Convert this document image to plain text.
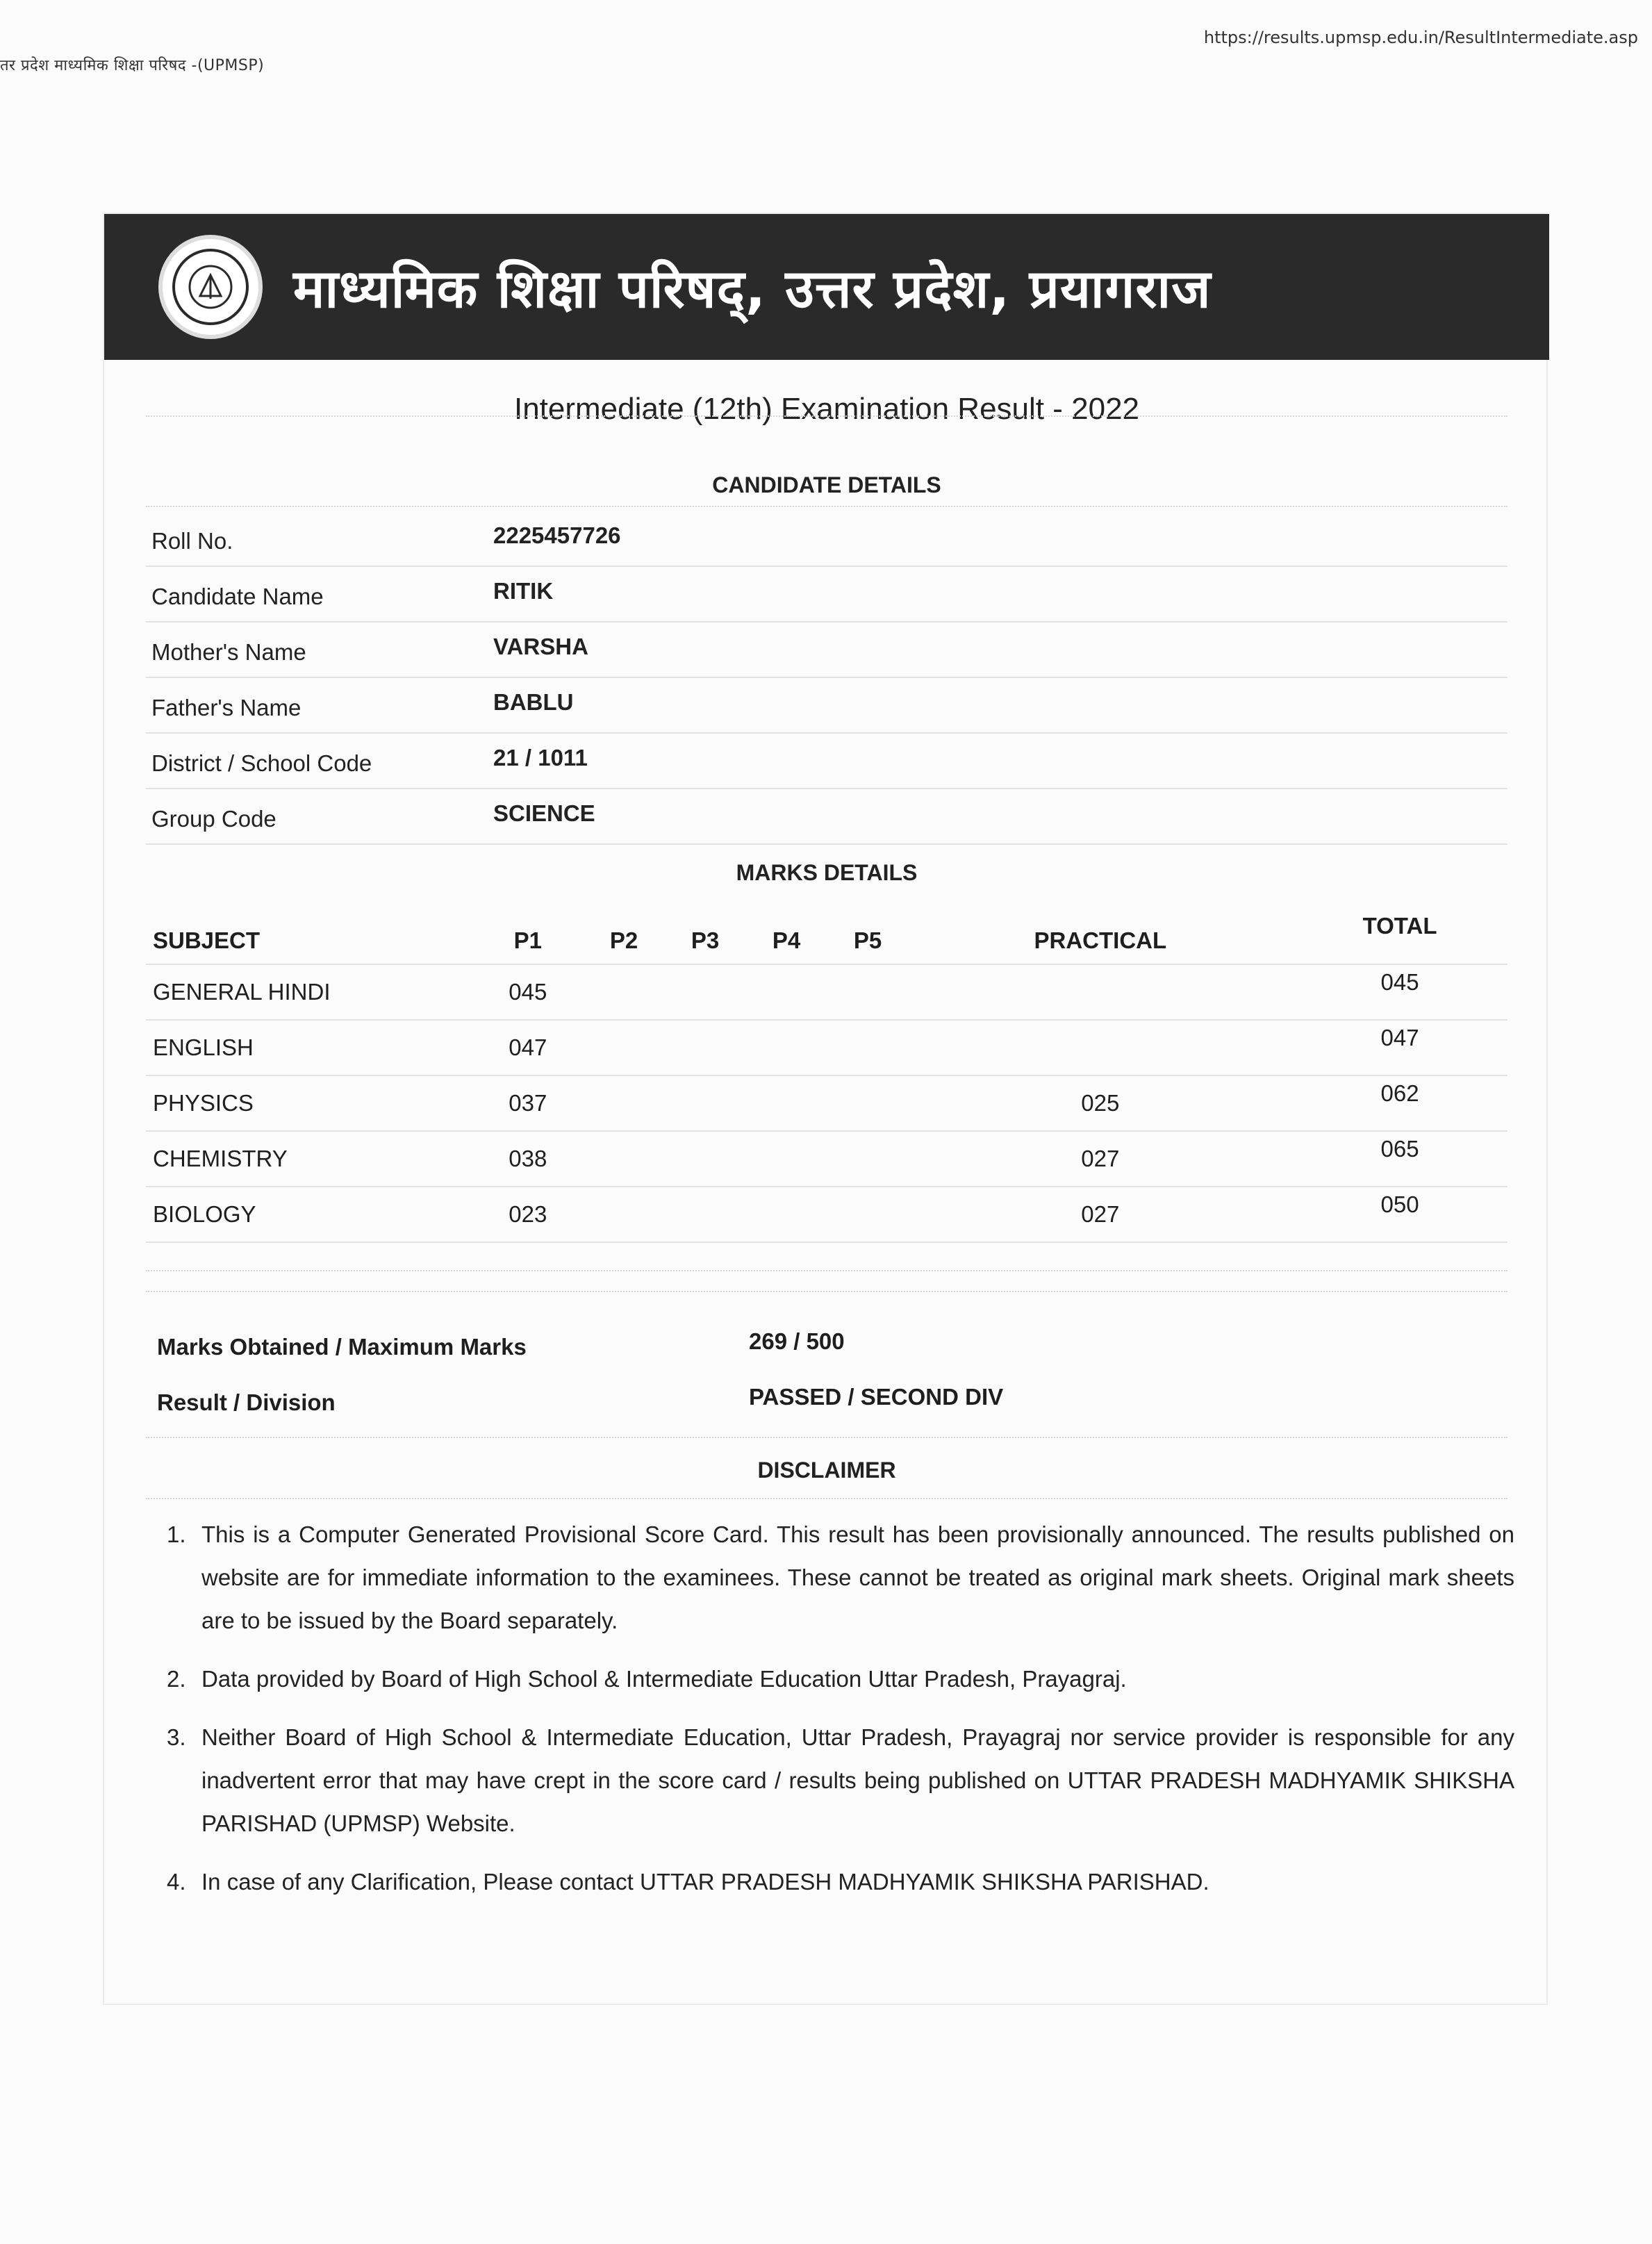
तर प्रदेश माध्यमिक शिक्षा परिषद -(UPMSP)
https://results.upmsp.edu.in/ResultIntermediate.asp
माध्यमिक शिक्षा परिषद्, उत्तर प्रदेश, प्रयागराज
Intermediate (12th) Examination Result - 2022
CANDIDATE DETAILS
Roll No.	2225457726
Candidate Name	RITIK
Mother's Name	VARSHA
Father's Name	BABLU
District / School Code	21 / 1011
Group Code	SCIENCE
MARKS DETAILS
SUBJECT	P1	P2	P3	P4	P5	PRACTICAL	TOTAL
GENERAL HINDI	045						045
ENGLISH	047						047
PHYSICS	037					025	062
CHEMISTRY	038					027	065
BIOLOGY	023					027	050
Marks Obtained / Maximum Marks	269 / 500
Result / Division	PASSED / SECOND DIV
DISCLAIMER
1. This is a Computer Generated Provisional Score Card. This result has been provisionally announced. The results published on website are for immediate information to the examinees. These cannot be treated as original mark sheets. Original mark sheets are to be issued by the Board separately.
2. Data provided by Board of High School & Intermediate Education Uttar Pradesh, Prayagraj.
3. Neither Board of High School & Intermediate Education, Uttar Pradesh, Prayagraj nor service provider is responsible for any inadvertent error that may have crept in the score card / results being published on UTTAR PRADESH MADHYAMIK SHIKSHA PARISHAD (UPMSP) Website.
4. In case of any Clarification, Please contact UTTAR PRADESH MADHYAMIK SHIKSHA PARISHAD.
